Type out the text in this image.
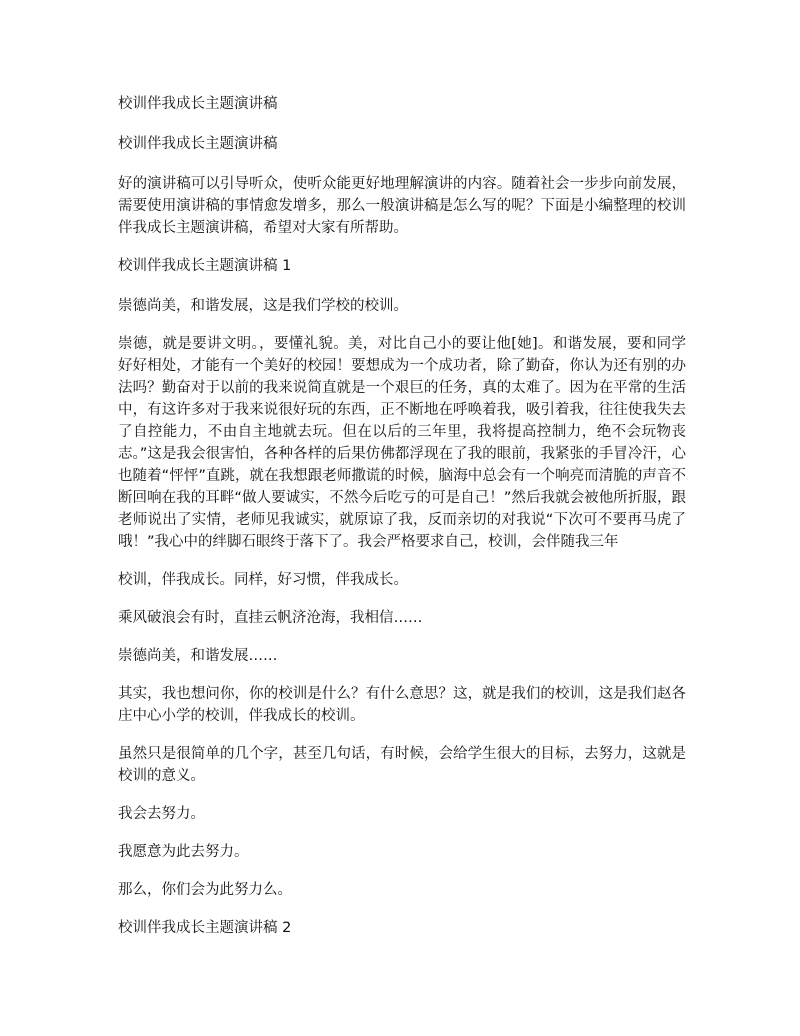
校训伴我成长主题演讲稿

校训伴我成长主题演讲稿

好的演讲稿可以引导听众，使听众能更好地理解演讲的内容。随着社会一步步向前发展，需要使用演讲稿的事情愈发增多，那么一般演讲稿是怎么写的呢？下面是小编整理的校训伴我成长主题演讲稿，希望对大家有所帮助。

校训伴我成长主题演讲稿 1

崇德尚美，和谐发展，这是我们学校的校训。

崇德，就是要讲文明。，要懂礼貌。美，对比自己小的要让他[她]。和谐发展，要和同学好好相处，才能有一个美好的校园！要想成为一个成功者，除了勤奋，你认为还有别的办法吗？勤奋对于以前的我来说简直就是一个艰巨的任务，真的太难了。因为在平常的生活中，有这许多对于我来说很好玩的东西，正不断地在呼唤着我，吸引着我，往往使我失去了自控能力，不由自主地就去玩。但在以后的三年里，我将提高控制力，绝不会玩物丧志。”这是我会很害怕，各种各样的后果仿佛都浮现在了我的眼前，我紧张的手冒冷汗，心也随着“怦怦”直跳，就在我想跟老师撒谎的时候，脑海中总会有一个响亮而清脆的声音不断回响在我的耳畔“做人要诚实，不然今后吃亏的可是自己！”然后我就会被他所折服，跟老师说出了实情，老师见我诚实，就原谅了我，反而亲切的对我说“下次可不要再马虎了哦！”我心中的绊脚石眼终于落下了。我会严格要求自己，校训，会伴随我三年

校训，伴我成长。同样，好习惯，伴我成长。

乘风破浪会有时，直挂云帆济沧海，我相信……

崇德尚美，和谐发展……

其实，我也想问你，你的校训是什么？有什么意思？这，就是我们的校训，这是我们赵各庄中心小学的校训，伴我成长的校训。

虽然只是很简单的几个字，甚至几句话，有时候，会给学生很大的目标，去努力，这就是校训的意义。

我会去努力。

我愿意为此去努力。

那么，你们会为此努力么。

校训伴我成长主题演讲稿 2
